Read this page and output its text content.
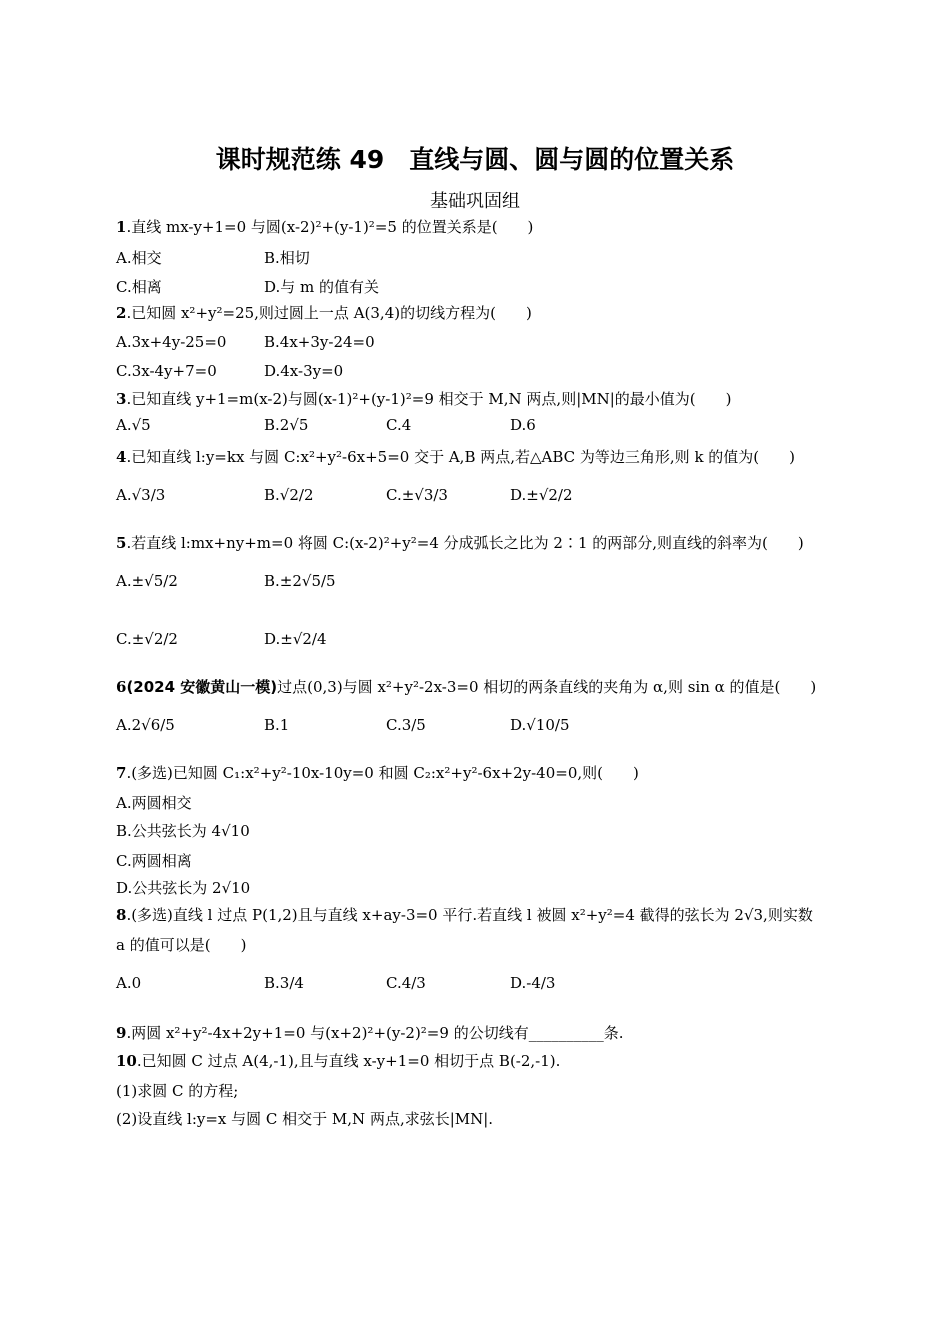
课时规范练 49　直线与圆、圆与圆的位置关系
基础巩固组
1.直线 mx-y+1=0 与圆(x-2)²+(y-1)²=5 的位置关系是(　　)
A.相交	B.相切
C.相离	D.与 m 的值有关
2.已知圆 x²+y²=25,则过圆上一点 A(3,4)的切线方程为(　　)
A.3x+4y-25=0	B.4x+3y-24=0
C.3x-4y+7=0	D.4x-3y=0
3.已知直线 y+1=m(x-2)与圆(x-1)²+(y-1)²=9 相交于 M,N 两点,则|MN|的最小值为(　　)
A.√5	B.2√5	C.4	D.6
4.已知直线 l:y=kx 与圆 C:x²+y²-6x+5=0 交于 A,B 两点,若△ABC 为等边三角形,则 k 的值为(　　)
A.√3/3	B.√2/2	C.±√3/3	D.±√2/2
5.若直线 l:mx+ny+m=0 将圆 C:(x-2)²+y²=4 分成弧长之比为 2∶1 的两部分,则直线的斜率为(　　)
A.±√5/2	B.±2√5/5
C.±√2/2	D.±√2/4
6(2024 安徽黄山一模)过点(0,3)与圆 x²+y²-2x-3=0 相切的两条直线的夹角为 α,则 sin α 的值是(　　)
A.2√6/5	B.1	C.3/5	D.√10/5
7.(多选)已知圆 C₁:x²+y²-10x-10y=0 和圆 C₂:x²+y²-6x+2y-40=0,则(　　)
A.两圆相交
B.公共弦长为 4√10
C.两圆相离
D.公共弦长为 2√10
8.(多选)直线 l 过点 P(1,2)且与直线 x+ay-3=0 平行.若直线 l 被圆 x²+y²=4 截得的弦长为 2√3,则实数
a 的值可以是(　　)
A.0	B.3/4	C.4/3	D.-4/3
9.两圆 x²+y²-4x+2y+1=0 与(x+2)²+(y-2)²=9 的公切线有__________条.
10.已知圆 C 过点 A(4,-1),且与直线 x-y+1=0 相切于点 B(-2,-1).
(1)求圆 C 的方程;
(2)设直线 l:y=x 与圆 C 相交于 M,N 两点,求弦长|MN|.
